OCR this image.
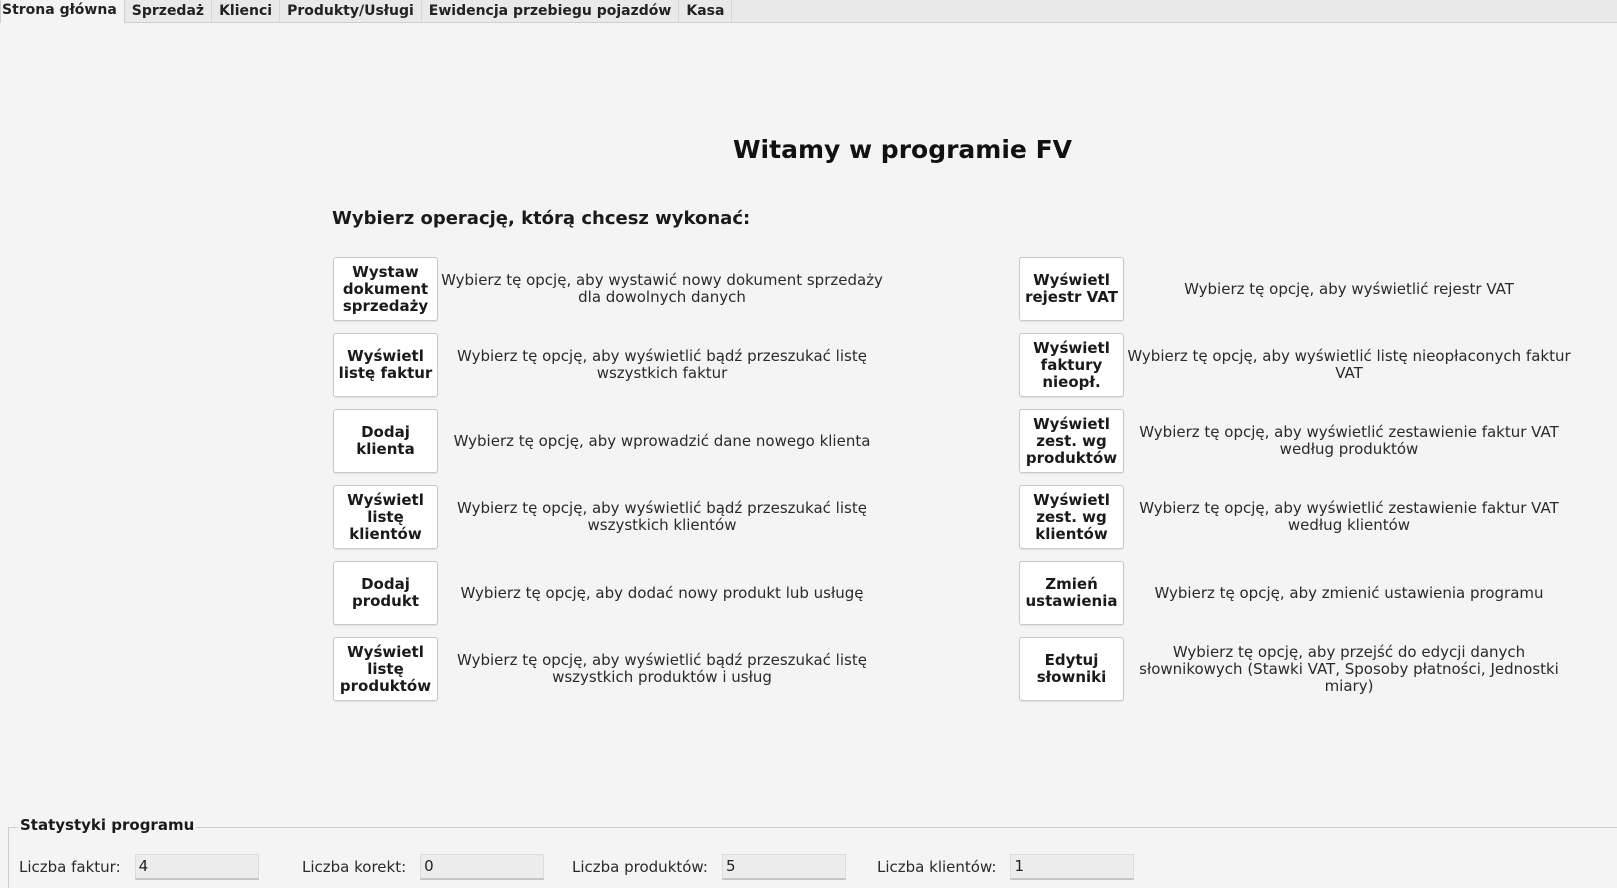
Strona główna	Sprzedaż	Klienci	Produkty/Usługi	Ewidencja przebiegu pojazdów	Kasa
Witamy w programie FV
Wybierz operację, którą chcesz wykonać:
Wystaw dokument sprzedaży
Wybierz tę opcję, aby wystawić nowy dokument sprzedaży dla dowolnych danych
Wyświetl listę faktur
Wybierz tę opcję, aby wyświetlić bądź przeszukać listę wszystkich faktur
Dodaj klienta	Wybierz tę opcję, aby wprowadzić dane nowego klienta
Wyświetl listę klientów
Wybierz tę opcję, aby wyświetlić bądź przeszukać listę wszystkich klientów
Dodaj produkt	Wybierz tę opcję, aby dodać nowy produkt lub usługę
Wyświetl listę produktów
Wybierz tę opcję, aby wyświetlić bądź przeszukać listę wszystkich produktów i usług
Wyświetl rejestr VAT	Wybierz tę opcję, aby wyświetlić rejestr VAT
Wyświetl faktury nieopł.
Wybierz tę opcję, aby wyświetlić listę nieopłaconych faktur VAT
Wyświetl zest. wg produktów
Wybierz tę opcję, aby wyświetlić zestawienie faktur VAT według produktów
Wyświetl zest. wg klientów
Wybierz tę opcję, aby wyświetlić zestawienie faktur VAT według klientów
Zmień ustawienia	Wybierz tę opcję, aby zmienić ustawienia programu
Edytuj słowniki
Wybierz tę opcję, aby przejść do edycji danych słownikowych (Stawki VAT, Sposoby płatności, Jednostki miary)
Statystyki programu
Liczba faktur: 4	Liczba korekt: 0	Liczba produktów: 5	Liczba klientów: 1
